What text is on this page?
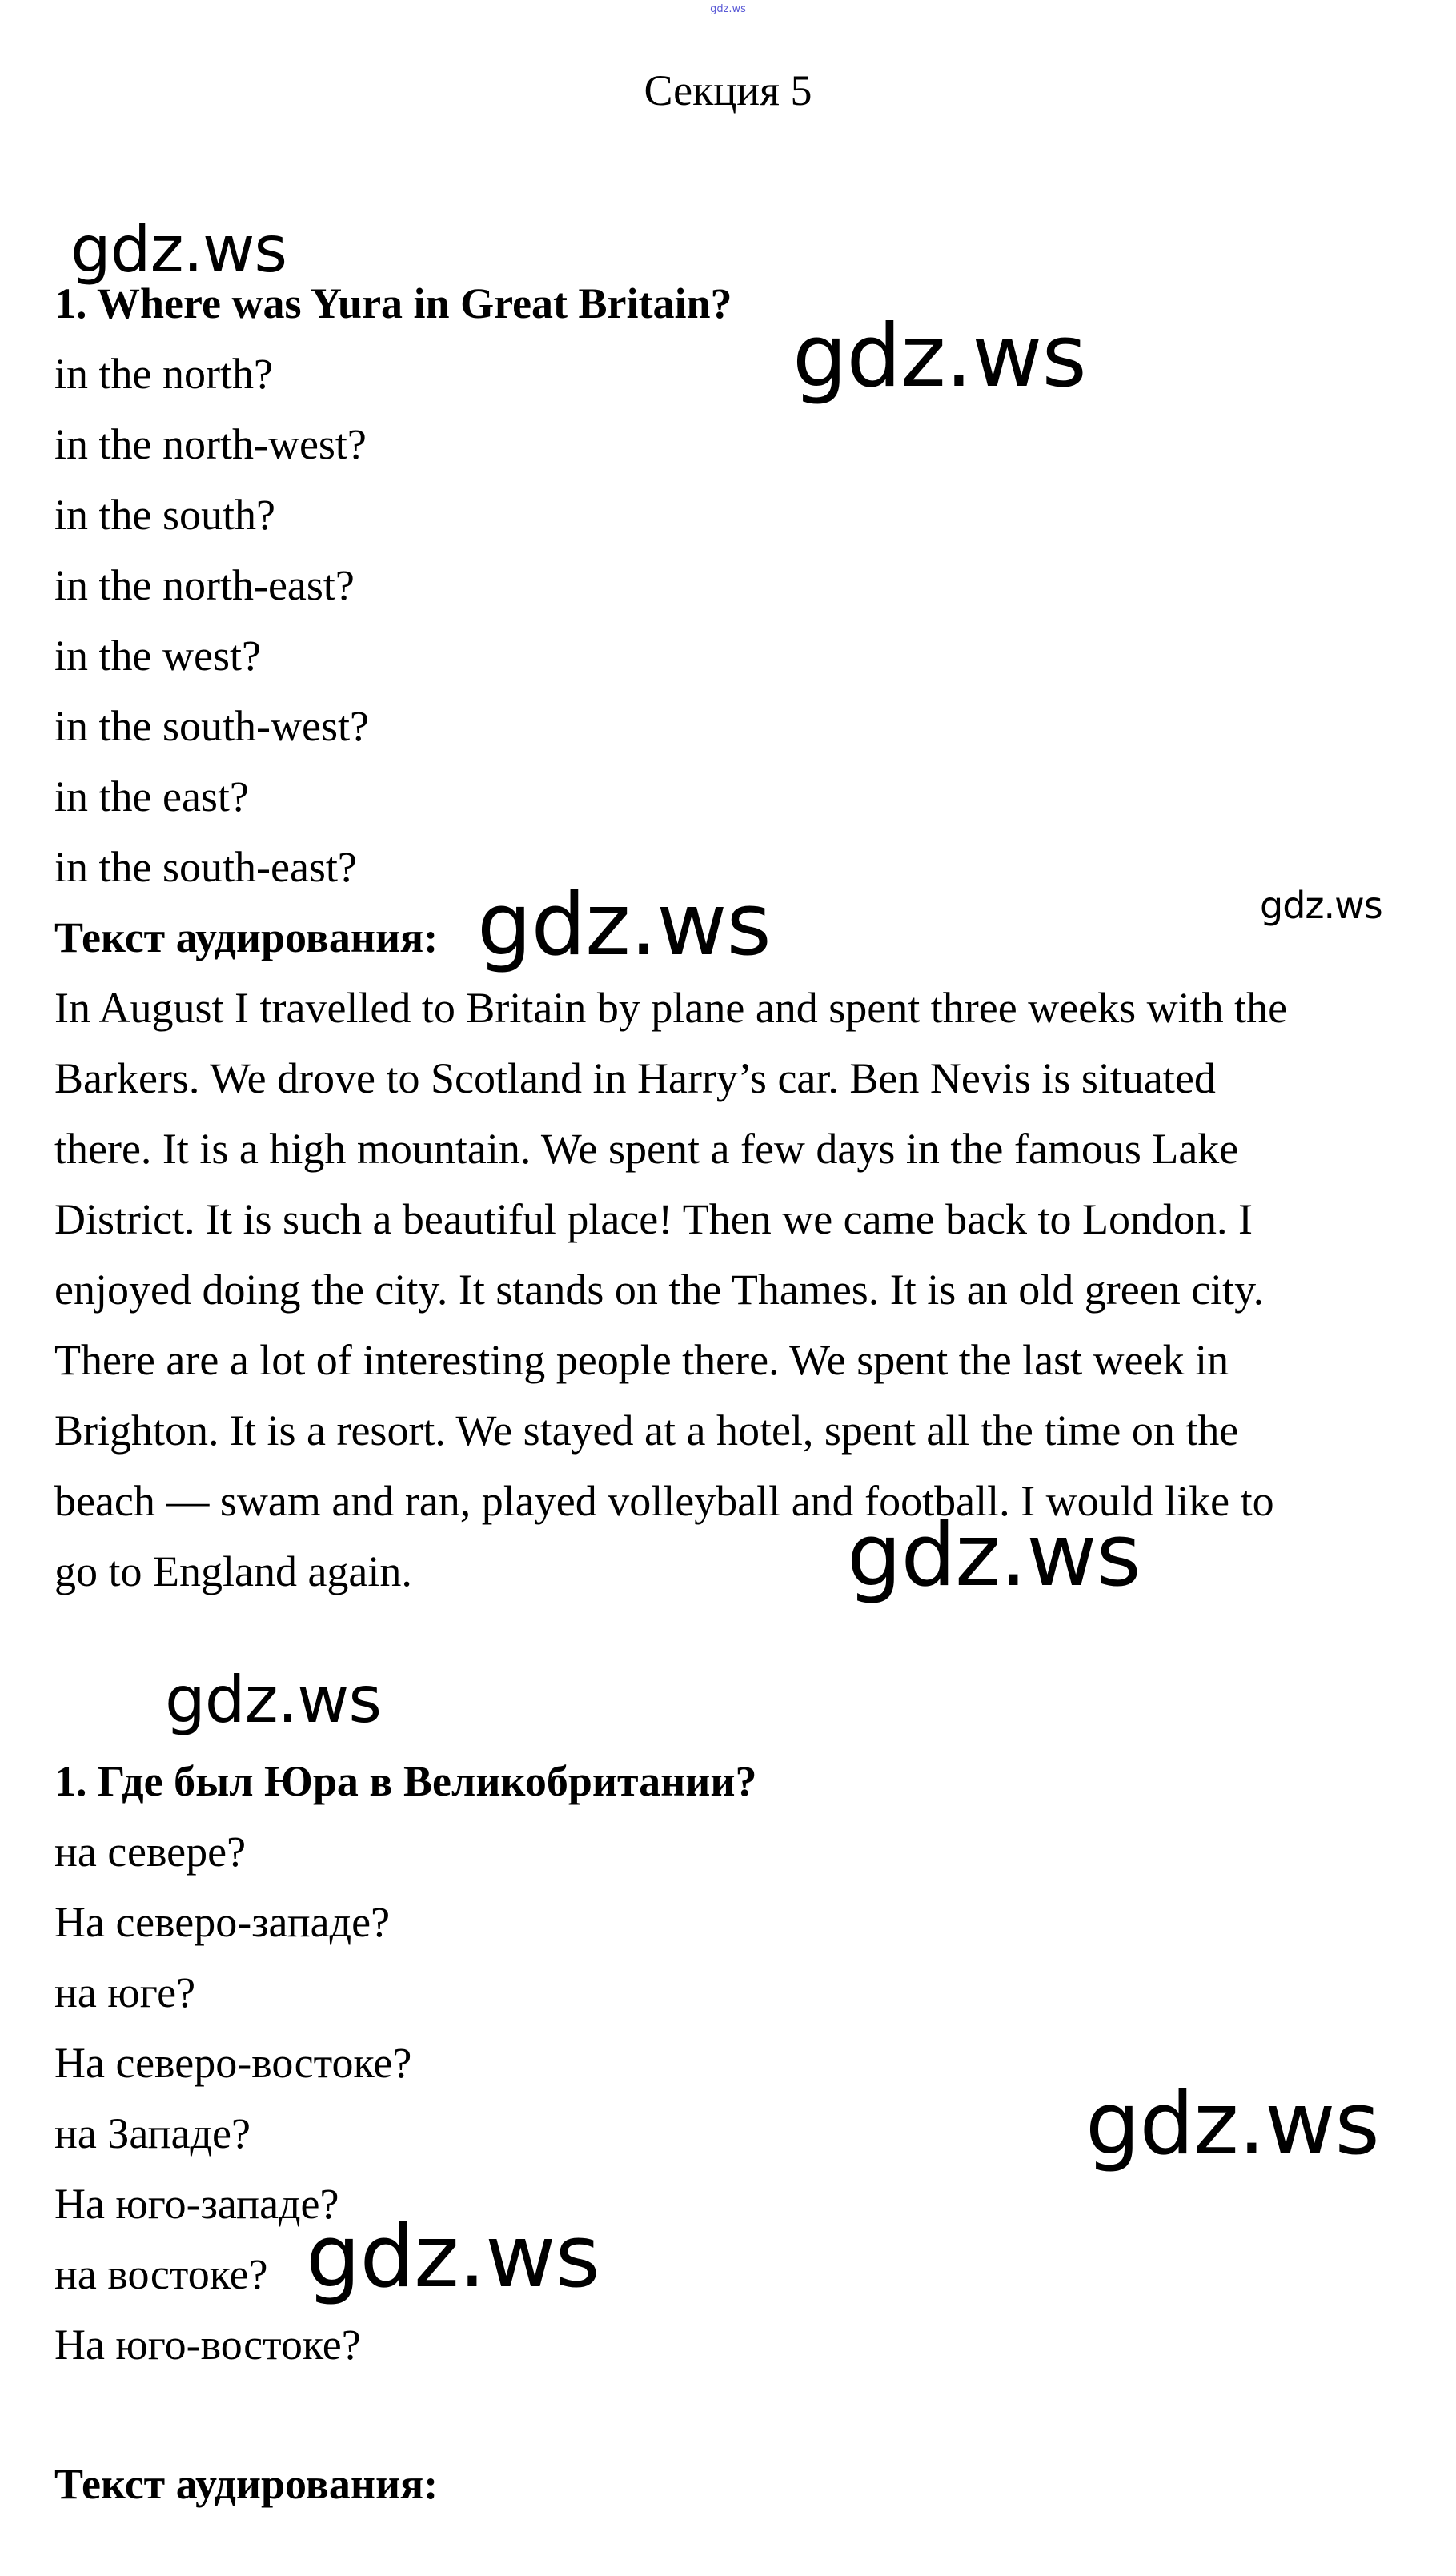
gdz.ws
Секция 5
1. Where was Yura in Great Britain?
in the north?
in the north-west?
in the south?
in the north-east?
in the west?
in the south-west?
in the east?
in the south-east?
Текст аудирования:
In August I travelled to Britain by plane and spent three weeks with the
Barkers. We drove to Scotland in Harry’s car. Ben Nevis is situated
there. It is a high mountain. We spent a few days in the famous Lake
District. It is such a beautiful place! Then we came back to London. I
enjoyed doing the city. It stands on the Thames. It is an old green city.
There are a lot of interesting people there. We spent the last week in
Brighton. It is a resort. We stayed at a hotel, spent all the time on the
beach — swam and ran, played volleyball and football. I would like to
go to England again.
1. Где был Юра в Великобритании?
на севере?
На северо-западе?
на юге?
На северо-востоке?
на Западе?
На юго-западе?
на востоке?
На юго-востоке?
Текст аудирования:
gdz.ws
gdz.ws
gdz.ws
gdz.ws
gdz.ws
gdz.ws
gdz.ws
gdz.ws
